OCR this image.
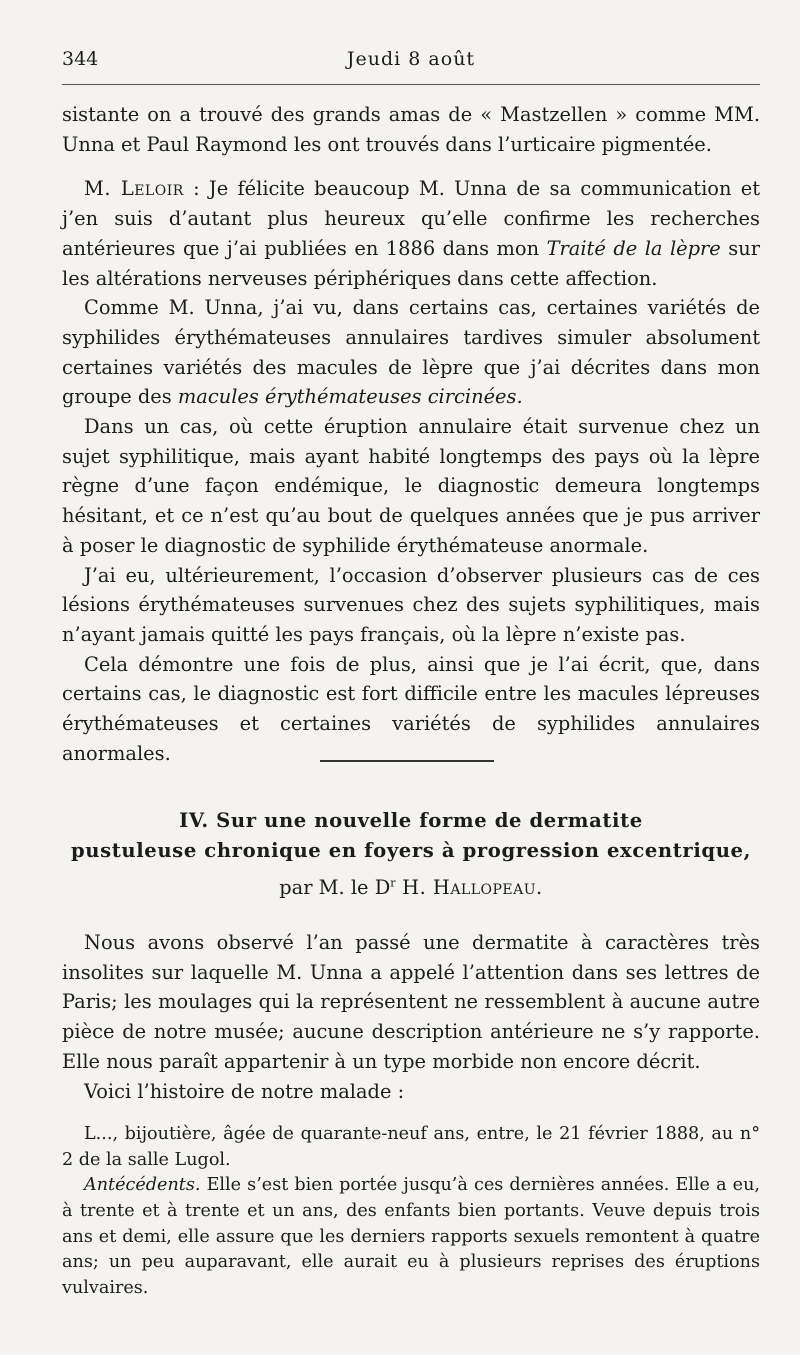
344	Jeudi 8 août

sistante on a trouvé des grands amas de « Mastzellen » comme MM. Unna et Paul Raymond les ont trouvés dans l’urticaire pigmentée.

M. Leloir : Je félicite beaucoup M. Unna de sa communication et j’en suis d’autant plus heureux qu’elle confirme les recherches antérieures que j’ai publiées en 1886 dans mon Traité de la lèpre sur les altérations nerveuses périphériques dans cette affection.

Comme M. Unna, j’ai vu, dans certains cas, certaines variétés de syphilides érythémateuses annulaires tardives simuler absolument certaines variétés des macules de lèpre que j’ai décrites dans mon groupe des macules érythémateuses circinées.

Dans un cas, où cette éruption annulaire était survenue chez un sujet syphilitique, mais ayant habité longtemps des pays où la lèpre règne d’une façon endémique, le diagnostic demeura longtemps hésitant, et ce n’est qu’au bout de quelques années que je pus arriver à poser le diagnostic de syphilide érythémateuse anormale.

J’ai eu, ultérieurement, l’occasion d’observer plusieurs cas de ces lésions érythémateuses survenues chez des sujets syphilitiques, mais n’ayant jamais quitté les pays français, où la lèpre n’existe pas.

Cela démontre une fois de plus, ainsi que je l’ai écrit, que, dans certains cas, le diagnostic est fort difficile entre les macules lépreuses érythémateuses et certaines variétés de syphilides annulaires anormales.

IV. Sur une nouvelle forme de dermatite
pustuleuse chronique en foyers à progression excentrique,
par M. le $D^r$ H. Hallopeau.

Nous avons observé l’an passé une dermatite à caractères très insolites sur laquelle M. Unna a appelé l’attention dans ses lettres de Paris; les moulages qui la représentent ne ressemblent à aucune autre pièce de notre musée; aucune description antérieure ne s’y rapporte. Elle nous paraît appartenir à un type morbide non encore décrit.

Voici l’histoire de notre malade :

L..., bijoutière, âgée de quarante-neuf ans, entre, le 21 février 1888, au n° 2 de la salle Lugol.

Antécédents. Elle s’est bien portée jusqu’à ces dernières années. Elle a eu, à trente et à trente et un ans, des enfants bien portants. Veuve depuis trois ans et demi, elle assure que les derniers rapports sexuels remontent à quatre ans; un peu auparavant, elle aurait eu à plusieurs reprises des éruptions vulvaires.
